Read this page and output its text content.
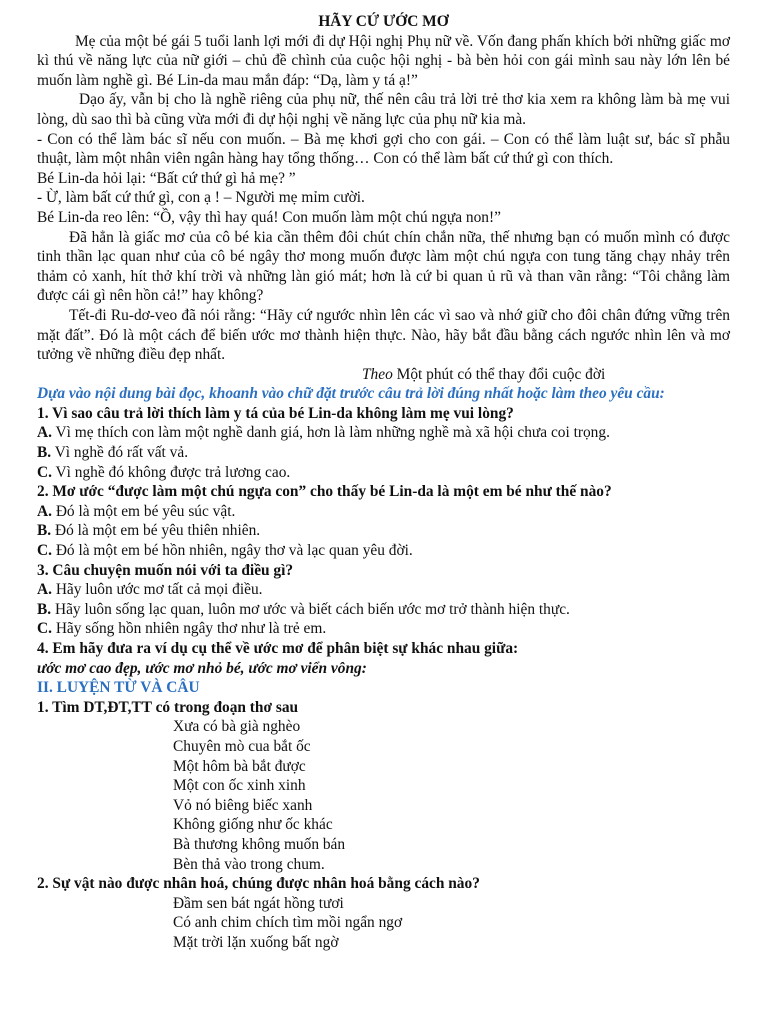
HÃY CỨ ƯỚC MƠ

Mẹ của một bé gái 5 tuổi lanh lợi mới đi dự Hội nghị Phụ nữ về. Vốn đang phấn khích bởi những giấc mơ kì thú về năng lực của nữ giới – chủ đề chình của cuộc hội nghị - bà bèn hỏi con gái mình sau này lớn lên bé muốn làm nghề gì. Bé Lin-da mau mắn đáp: “Dạ, làm y tá ạ!”

Dạo ấy, vẫn bị cho là nghề riêng của phụ nữ, thế nên câu trả lời trẻ thơ kia xem ra không làm bà mẹ vui lòng, dù sao thì bà cũng vừa mới đi dự hội nghị về năng lực của phụ nữ kia mà.

- Con có thể làm bác sĩ nếu con muốn. – Bà mẹ khơi gợi cho con gái. – Con có thể làm luật sư, bác sĩ phẫu thuật, làm một nhân viên ngân hàng hay tổng thống… Con có thể làm bất cứ thứ gì con thích.

Bé Lin-da hỏi lại: “Bất cứ thứ gì hả mẹ? ”

- Ừ, làm bất cứ thứ gì, con ạ ! – Người mẹ mỉm cười.

Bé Lin-da reo lên: “Ồ, vậy thì hay quá! Con muốn làm một chú ngựa non!”

Đã hẳn là giấc mơ của cô bé kia cần thêm đôi chút chín chắn nữa, thế nhưng bạn có muốn mình có được tinh thần lạc quan như của cô bé ngây thơ mong muốn được làm một chú ngựa con tung tăng chạy nhảy trên thảm cỏ xanh, hít thở khí trời và những làn gió mát; hơn là cứ bi quan ủ rũ và than vãn rằng: “Tôi chẳng làm được cái gì nên hồn cả!” hay không?

Tết-đi Ru-dơ-veo đã nói rằng: “Hãy cứ ngước nhìn lên các vì sao và nhớ giữ cho đôi chân đứng vững trên mặt đất”. Đó là một cách để biến ước mơ thành hiện thực. Nào, hãy bắt đầu bằng cách ngước nhìn lên và mơ tưởng về những điều đẹp nhất.

Theo Một phút có thể thay đổi cuộc đời

Dựa vào nội dung bài đọc, khoanh vào chữ đặt trước câu trả lời đúng nhất hoặc làm theo yêu cầu:

1. Vì sao câu trả lời thích làm y tá của bé Lin-da không làm mẹ vui lòng?

A. Vì mẹ thích con làm một nghề danh giá, hơn là làm những nghề mà xã hội chưa coi trọng.

B. Vì nghề đó rất vất vả.

C. Vì nghề đó không được trả lương cao.

2. Mơ ước “được làm một chú ngựa con” cho thấy bé Lin-da là một em bé như thế nào?

A. Đó là một em bé yêu súc vật.

B. Đó là một em bé yêu thiên nhiên.

C. Đó là một em bé hồn nhiên, ngây thơ và lạc quan yêu đời.

3. Câu chuyện muốn nói với ta điều gì?

A. Hãy luôn ước mơ tất cả mọi điều.

B. Hãy luôn sống lạc quan, luôn mơ ước và biết cách biến ước mơ trở thành hiện thực.

C. Hãy sống hồn nhiên ngây thơ như là trẻ em.

4. Em hãy đưa ra ví dụ cụ thể về ước mơ để phân biệt sự khác nhau giữa:

ước mơ cao đẹp, ước mơ nhỏ bé, ước mơ viển vông:

II. LUYỆN TỪ VÀ CÂU

1. Tìm DT,ĐT,TT có trong đoạn thơ sau

Xưa có bà già nghèo

Chuyên mò cua bắt ốc

Một hôm bà bắt được

Một con ốc xinh xinh

Vỏ nó biêng biếc xanh

Không giống như ốc khác

Bà thương không muốn bán

Bèn thả vào trong chum.

2. Sự vật nào được nhân hoá, chúng được nhân hoá bằng cách nào?

Đầm sen bát ngát hồng tươi

Có anh chim chích tìm mồi ngẩn ngơ

Mặt trời lặn xuống bất ngờ
